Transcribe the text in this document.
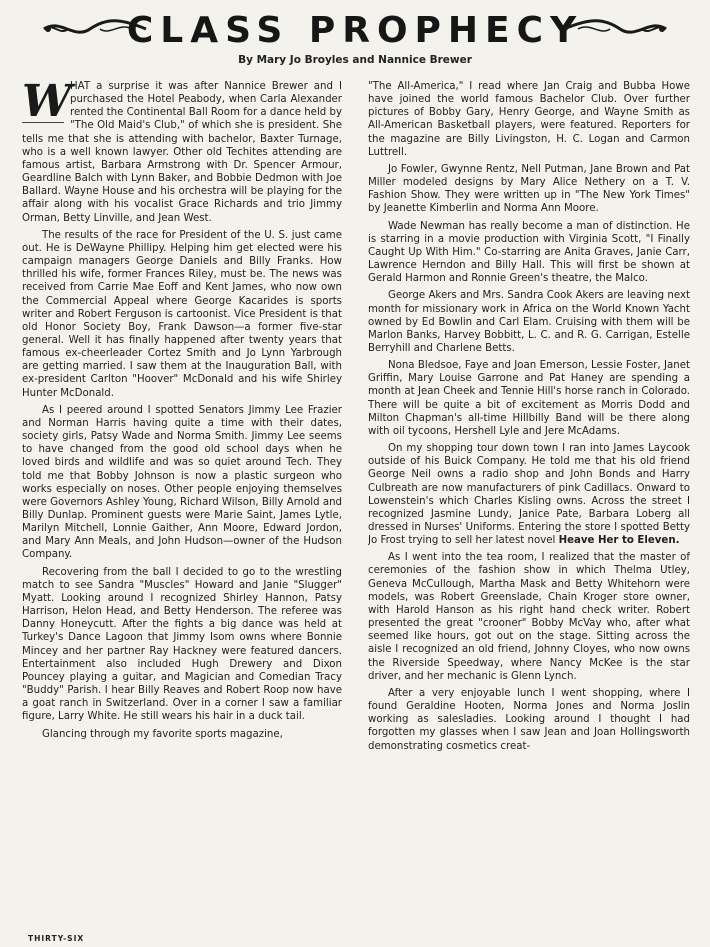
CLASS PROPHECY
By Mary Jo Broyles and Nannice Brewer

W
HAT a surprise it was after Nannice Brewer and I purchased the Hotel Peabody, when Carla Alexander rented the Continental Ball Room for a dance held by "The Old Maid's Club," of which she is president. She tells me that she is attending with bachelor, Baxter Turnage, who is a well known lawyer. Other old Techites attending are famous artist, Barbara Armstrong with Dr. Spencer Armour, Geardline Balch with Lynn Baker, and Bobbie Dedmon with Joe Ballard. Wayne House and his orchestra will be playing for the affair along with his vocalist Grace Richards and trio Jimmy Orman, Betty Linville, and Jean West.

The results of the race for President of the U. S. just came out. He is DeWayne Phillipy. Helping him get elected were his campaign managers George Daniels and Billy Franks. How thrilled his wife, former Frances Riley, must be. The news was received from Carrie Mae Eoff and Kent James, who now own the Commercial Appeal where George Kacarides is sports writer and Robert Ferguson is cartoonist. Vice President is that old Honor Society Boy, Frank Dawson—a former five-star general. Well it has finally happened after twenty years that famous ex-cheerleader Cortez Smith and Jo Lynn Yarbrough are getting married. I saw them at the Inauguration Ball, with ex-president Carlton "Hoover" McDonald and his wife Shirley Hunter McDonald.

As I peered around I spotted Senators Jimmy Lee Frazier and Norman Harris having quite a time with their dates, society girls, Patsy Wade and Norma Smith. Jimmy Lee seems to have changed from the good old school days when he loved birds and wildlife and was so quiet around Tech. They told me that Bobby Johnson is now a plastic surgeon who works especially on noses. Other people enjoying themselves were Governors Ashley Young, Richard Wilson, Billy Arnold and Billy Dunlap. Prominent guests were Marie Saint, James Lytle, Marilyn Mitchell, Lonnie Gaither, Ann Moore, Edward Jordon, and Mary Ann Meals, and John Hudson—owner of the Hudson Company.

Recovering from the ball I decided to go to the wrestling match to see Sandra "Muscles" Howard and Janie "Slugger" Myatt. Looking around I recognized Shirley Hannon, Patsy Harrison, Helon Head, and Betty Henderson. The referee was Danny Honeycutt. After the fights a big dance was held at Turkey's Dance Lagoon that Jimmy Isom owns where Bonnie Mincey and her partner Ray Hackney were featured dancers. Entertainment also included Hugh Drewery and Dixon Pouncey playing a guitar, and Magician and Comedian Tracy "Buddy" Parish. I hear Billy Reaves and Robert Roop now have a goat ranch in Switzerland. Over in a corner I saw a familiar figure, Larry White. He still wears his hair in a duck tail.

Glancing through my favorite sports magazine,

"The All-America," I read where Jan Craig and Bubba Howe have joined the world famous Bachelor Club. Over further pictures of Bobby Gary, Henry George, and Wayne Smith as All-American Basketball players, were featured. Reporters for the magazine are Billy Livingston, H. C. Logan and Carmon Luttrell.

Jo Fowler, Gwynne Rentz, Nell Putman, Jane Brown and Pat Miller modeled designs by Mary Alice Nethery on a T. V. Fashion Show. They were written up in "The New York Times" by Jeanette Kimberlin and Norma Ann Moore.

Wade Newman has really become a man of distinction. He is starring in a movie production with Virginia Scott, "I Finally Caught Up With Him." Co-starring are Anita Graves, Janie Carr, Lawrence Herndon and Billy Hall. This will first be shown at Gerald Harmon and Ronnie Green's theatre, the Malco.

George Akers and Mrs. Sandra Cook Akers are leaving next month for missionary work in Africa on the World Known Yacht owned by Ed Bowlin and Carl Elam. Cruising with them will be Marlon Banks, Harvey Bobbitt, L. C. and R. G. Carrigan, Estelle Berryhill and Charlene Betts.

Nona Bledsoe, Faye and Joan Emerson, Lessie Foster, Janet Griffin, Mary Louise Garrone and Pat Haney are spending a month at Jean Cheek and Tennie Hill's horse ranch in Colorado. There will be quite a bit of excitement as Morris Dodd and Milton Chapman's all-time Hillbilly Band will be there along with oil tycoons, Hershell Lyle and Jere McAdams.

On my shopping tour down town I ran into James Laycook outside of his Buick Company. He told me that his old friend George Neil owns a radio shop and John Bonds and Harry Culbreath are now manufacturers of pink Cadillacs. Onward to Lowenstein's which Charles Kisling owns. Across the street I recognized Jasmine Lundy, Janice Pate, Barbara Loberg all dressed in Nurses' Uniforms. Entering the store I spotted Betty Jo Frost trying to sell her latest novel Heave Her to Eleven.

As I went into the tea room, I realized that the master of ceremonies of the fashion show in which Thelma Utley, Geneva McCullough, Martha Mask and Betty Whitehorn were models, was Robert Greenslade, Chain Kroger store owner, with Harold Hanson as his right hand check writer. Robert presented the great "crooner" Bobby McVay who, after what seemed like hours, got out on the stage. Sitting across the aisle I recognized an old friend, Johnny Cloyes, who now owns the Riverside Speedway, where Nancy McKee is the star driver, and her mechanic is Glenn Lynch.

After a very enjoyable lunch I went shopping, where I found Geraldine Hooten, Norma Jones and Norma Joslin working as salesladies. Looking around I thought I had forgotten my glasses when I saw Jean and Joan Hollingsworth demonstrating cosmetics creat-

THIRTY-SIX
